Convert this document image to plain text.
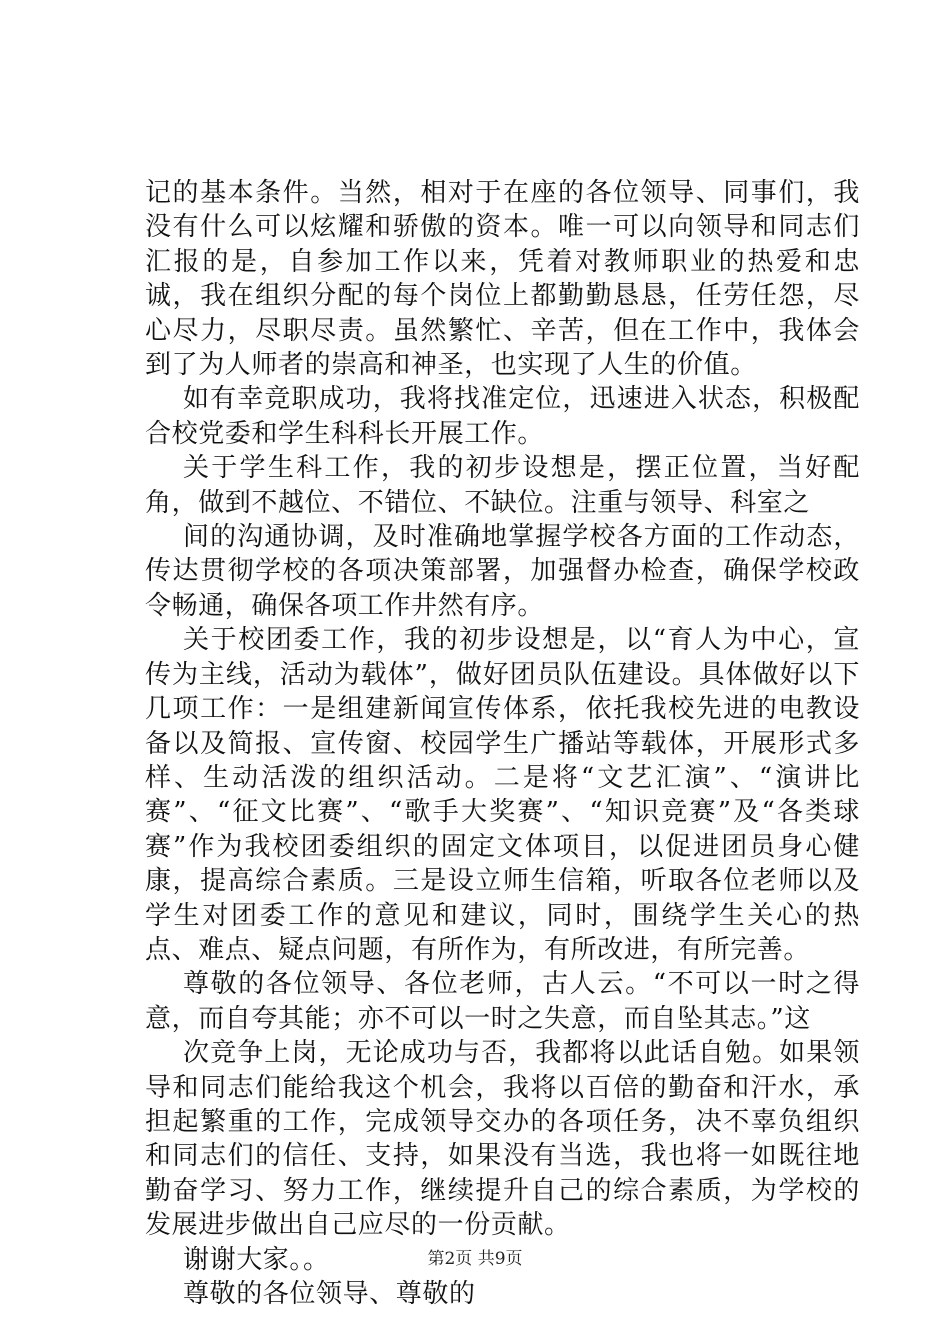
记的基本条件。当然，相对于在座的各位领导、同事们，我没有什么可以炫耀和骄傲的资本。唯一可以向领导和同志们汇报的是，自参加工作以来，凭着对教师职业的热爱和忠诚，我在组织分配的每个岗位上都勤勤恳恳，任劳任怨，尽心尽力，尽职尽责。虽然繁忙、辛苦，但在工作中，我体会到了为人师者的崇高和神圣，也实现了人生的价值。

如有幸竞职成功，我将找准定位，迅速进入状态，积极配合校党委和学生科科长开展工作。

关于学生科工作，我的初步设想是，摆正位置，当好配角，做到不越位、不错位、不缺位。注重与领导、科室之

间的沟通协调，及时准确地掌握学校各方面的工作动态，传达贯彻学校的各项决策部署，加强督办检查，确保学校政令畅通，确保各项工作井然有序。

关于校团委工作，我的初步设想是，以“育人为中心，宣传为主线，活动为载体”，做好团员队伍建设。具体做好以下几项工作：一是组建新闻宣传体系，依托我校先进的电教设备以及简报、宣传窗、校园学生广播站等载体，开展形式多样、生动活泼的组织活动。二是将“文艺汇演”、“演讲比赛”、“征文比赛”、“歌手大奖赛”、“知识竞赛”及“各类球赛”作为我校团委组织的固定文体项目，以促进团员身心健康，提高综合素质。三是设立师生信箱，听取各位老师以及学生对团委工作的意见和建议，同时，围绕学生关心的热点、难点、疑点问题，有所作为，有所改进，有所完善。

尊敬的各位领导、各位老师，古人云。“不可以一时之得意，而自夸其能；亦不可以一时之失意，而自坠其志。”这

次竞争上岗，无论成功与否，我都将以此话自勉。如果领导和同志们能给我这个机会，我将以百倍的勤奋和汗水，承担起繁重的工作，完成领导交办的各项任务，决不辜负组织和同志们的信任、支持，如果没有当选，我也将一如既往地勤奋学习、努力工作，继续提升自己的综合素质，为学校的发展进步做出自己应尽的一份贡献。

谢谢大家。。

尊敬的各位领导、尊敬的

第2页 共9页
